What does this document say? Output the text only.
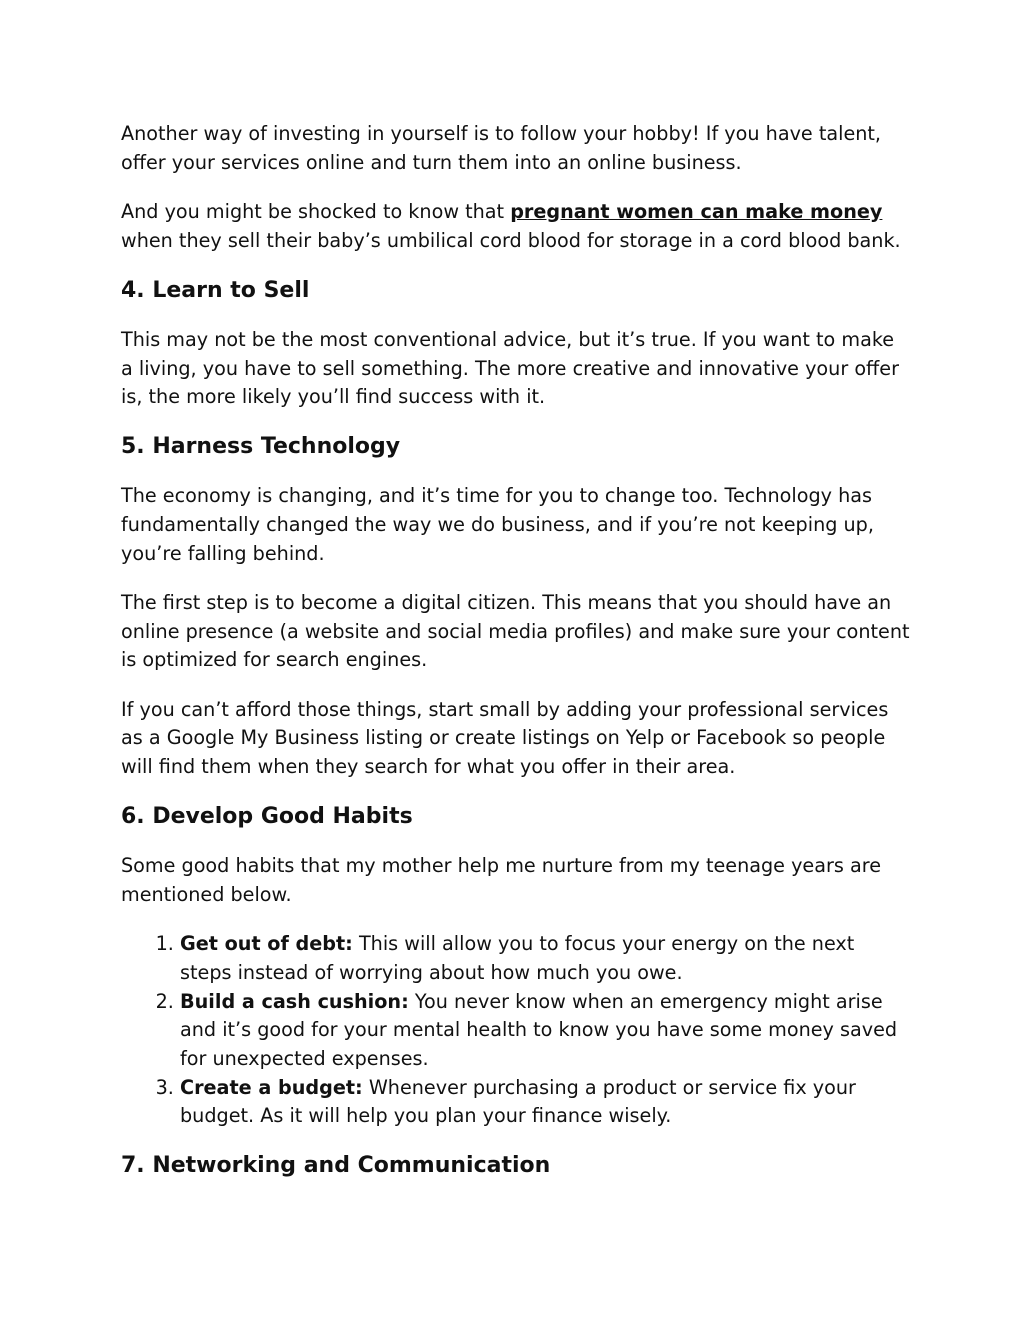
Another way of investing in yourself is to follow your hobby! If you have talent, offer your services online and turn them into an online business.

And you might be shocked to know that pregnant women can make money when they sell their baby’s umbilical cord blood for storage in a cord blood bank.

4. Learn to Sell

This may not be the most conventional advice, but it’s true. If you want to make a living, you have to sell something. The more creative and innovative your offer is, the more likely you’ll find success with it.

5. Harness Technology

The economy is changing, and it’s time for you to change too. Technology has fundamentally changed the way we do business, and if you’re not keeping up, you’re falling behind.

The first step is to become a digital citizen. This means that you should have an online presence (a website and social media profiles) and make sure your content is optimized for search engines.

If you can’t afford those things, start small by adding your professional services as a Google My Business listing or create listings on Yelp or Facebook so people will find them when they search for what you offer in their area.

6. Develop Good Habits

Some good habits that my mother help me nurture from my teenage years are mentioned below.

1. Get out of debt: This will allow you to focus your energy on the next steps instead of worrying about how much you owe.
2. Build a cash cushion: You never know when an emergency might arise and it’s good for your mental health to know you have some money saved for unexpected expenses.
3. Create a budget: Whenever purchasing a product or service fix your budget. As it will help you plan your finance wisely.
7. Networking and Communication
